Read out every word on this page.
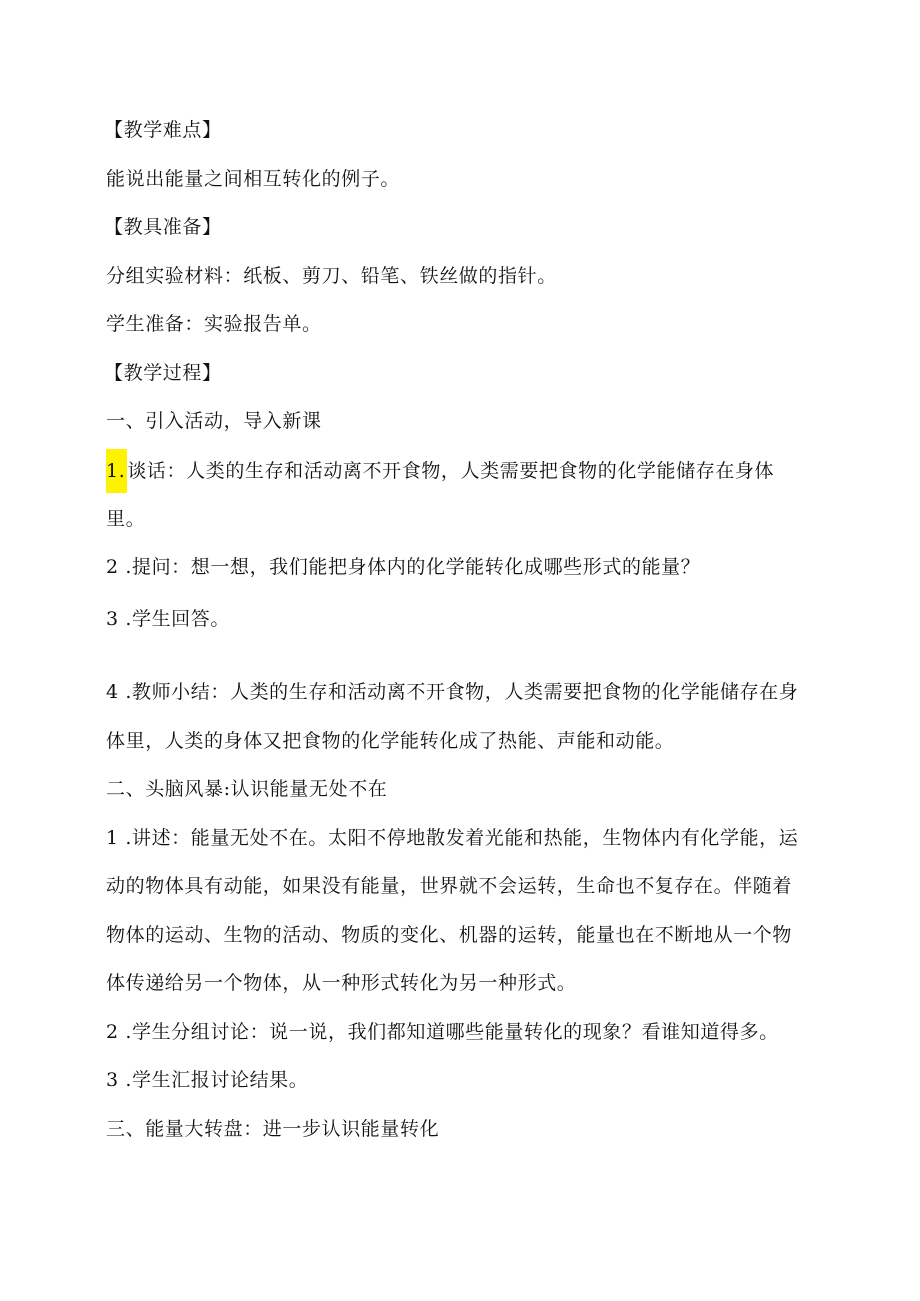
【教学难点】
能说出能量之间相互转化的例子。
【教具准备】
分组实验材料：纸板、剪刀、铅笔、铁丝做的指针。
学生准备：实验报告单。
【教学过程】
一、引入活动，导入新课
1. 谈话：人类的生存和活动离不开食物，人类需要把食物的化学能储存在身体
里。
2 .提问：想一想，我们能把身体内的化学能转化成哪些形式的能量？
3 .学生回答。
4 .教师小结：人类的生存和活动离不开食物，人类需要把食物的化学能储存在身
体里，人类的身体又把食物的化学能转化成了热能、声能和动能。
二、头脑风暴:认识能量无处不在
1 .讲述：能量无处不在。太阳不停地散发着光能和热能，生物体内有化学能，运
动的物体具有动能，如果没有能量，世界就不会运转，生命也不复存在。伴随着
物体的运动、生物的活动、物质的变化、机器的运转，能量也在不断地从一个物
体传递给另一个物体，从一种形式转化为另一种形式。
2 .学生分组讨论：说一说，我们都知道哪些能量转化的现象？看谁知道得多。
3 .学生汇报讨论结果。
三、能量大转盘：进一步认识能量转化
